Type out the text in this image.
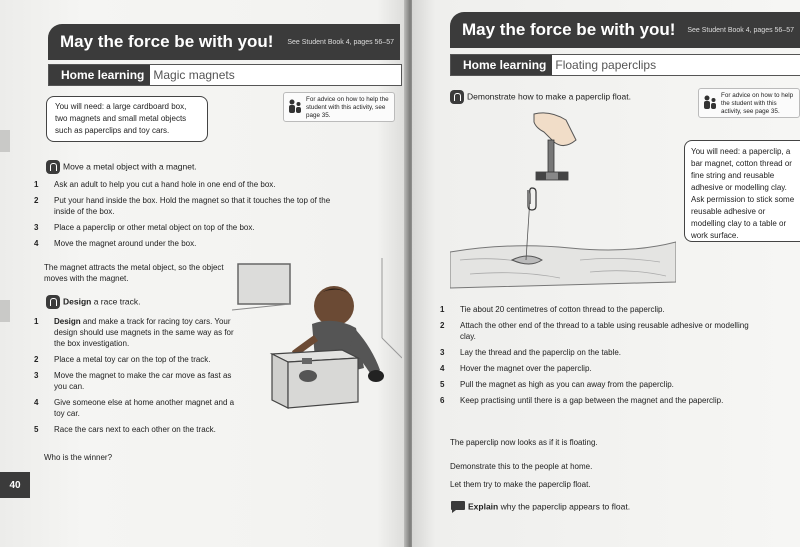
May the force be with you! See Student Book 4, pages 56–57
Home learning Magic magnets
You will need: a large cardboard box, two magnets and small metal objects such as paperclips and toy cars.
For advice on how to help the student with this activity, see page 35.
Move a metal object with a magnet.
1 Ask an adult to help you cut a hand hole in one end of the box.
2 Put your hand inside the box. Hold the magnet so that it touches the top of the inside of the box.
3 Place a paperclip or other metal object on top of the box.
4 Move the magnet around under the box.
The magnet attracts the metal object, so the object moves with the magnet.
Design a race track.
1 Design and make a track for racing toy cars. Your design should use magnets in the same way as for the box investigation.
2 Place a metal toy car on the top of the track.
3 Move the magnet to make the car move as fast as you can.
4 Give someone else at home another magnet and a toy car.
5 Race the cars next to each other on the track.
Who is the winner?
40
May the force be with you! See Student Book 4, pages 56–57
Home learning Floating paperclips
Demonstrate how to make a paperclip float.	For advice on how to help the student with this activity, see page 35.
You will need: a paperclip, a bar magnet, cotton thread or fine string and reusable adhesive or modelling clay. Ask permission to stick some reusable adhesive or modelling clay to a table or work surface.
1 Tie about 20 centimetres of cotton thread to the paperclip.
2 Attach the other end of the thread to a table using reusable adhesive or modelling clay.
3 Lay the thread and the paperclip on the table.
4 Hover the magnet over the paperclip.
5 Pull the magnet as high as you can away from the paperclip.
6 Keep practising until there is a gap between the magnet and the paperclip.
The paperclip now looks as if it is floating.
Demonstrate this to the people at home.
Let them try to make the paperclip float.
Explain why the paperclip appears to float.
